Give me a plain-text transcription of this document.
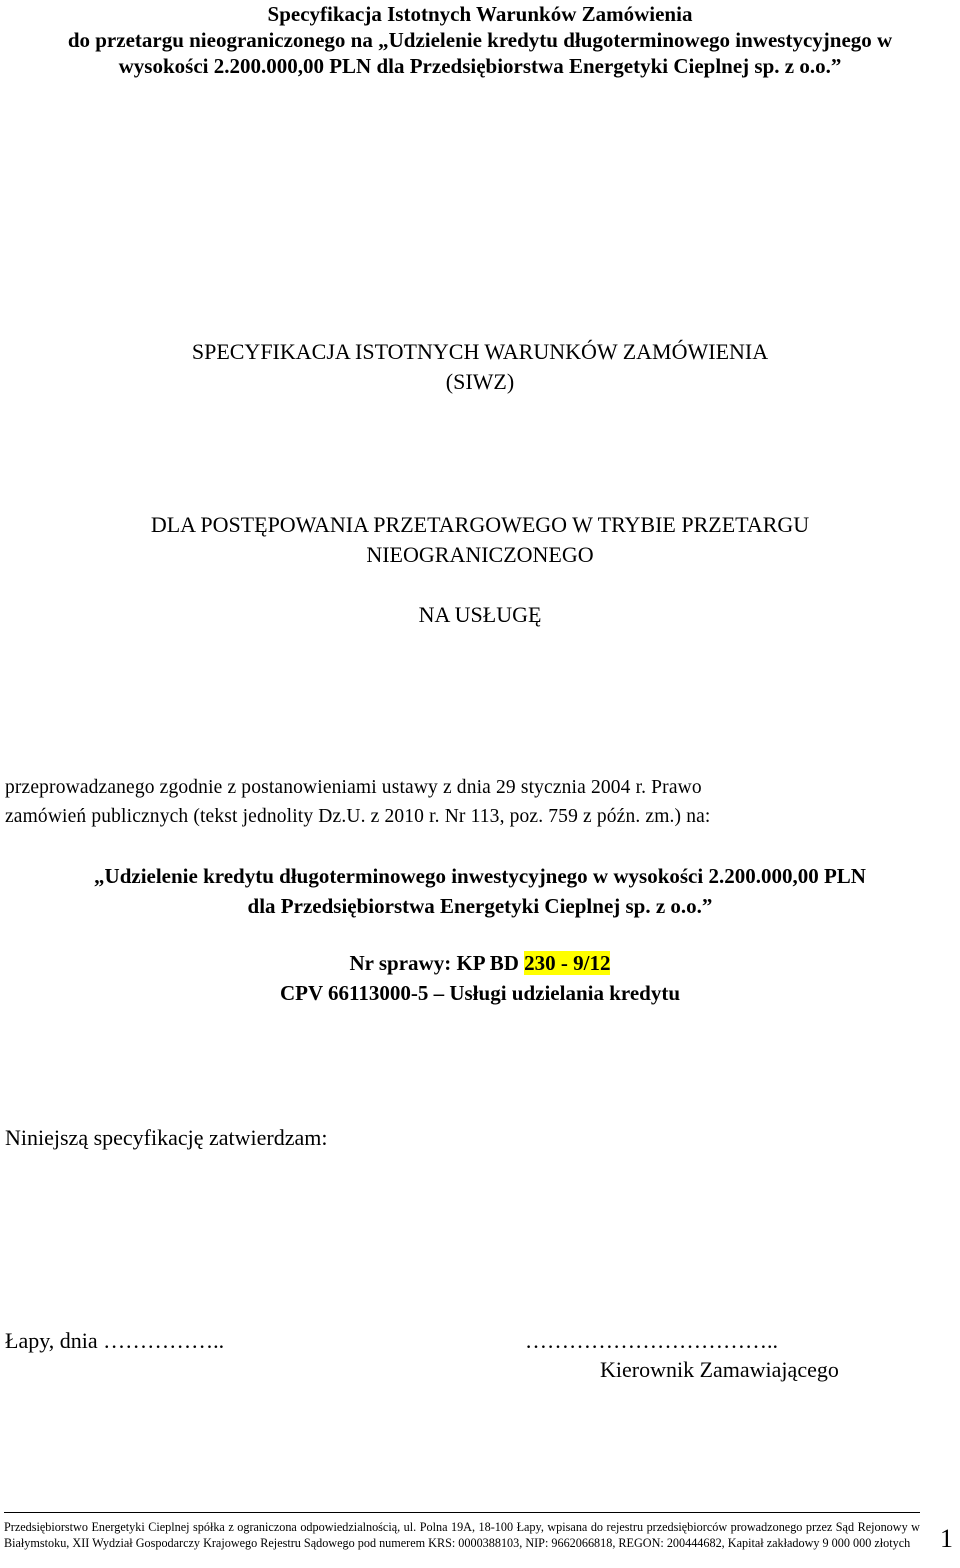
Specyfikacja Istotnych Warunków Zamówienia
do przetargu nieograniczonego na „Udzielenie kredytu długoterminowego inwestycyjnego w
wysokości 2.200.000,00 PLN dla Przedsiębiorstwa Energetyki Cieplnej sp. z o.o.”
SPECYFIKACJA ISTOTNYCH WARUNKÓW ZAMÓWIENIA
(SIWZ)
DLA POSTĘPOWANIA PRZETARGOWEGO W TRYBIE PRZETARGU
NIEOGRANICZONEGO
NA USŁUGĘ
przeprowadzanego zgodnie z postanowieniami ustawy z dnia 29 stycznia 2004 r. Prawo
zamówień publicznych (tekst jednolity Dz.U. z 2010 r. Nr 113, poz. 759 z późn. zm.) na:
„Udzielenie kredytu długoterminowego inwestycyjnego w wysokości 2.200.000,00 PLN
dla Przedsiębiorstwa Energetyki Cieplnej sp. z o.o.”
Nr sprawy: KP BD 230 - 9/12
CPV 66113000-5 – Usługi udzielania kredytu
Niniejszą specyfikację zatwierdzam:
Łapy, dnia ……………..	……………………………..
Kierownik Zamawiającego
Przedsiębiorstwo Energetyki Cieplnej spółka z ograniczona odpowiedzialnością, ul. Polna 19A, 18-100 Łapy, wpisana do rejestru przedsiębiorców prowadzonego przez Sąd Rejonowy w Białymstoku, XII Wydział Gospodarczy Krajowego Rejestru Sądowego pod numerem KRS: 0000388103, NIP: 9662066818, REGON: 200444682, Kapitał zakładowy 9 000 000 złotych	1
